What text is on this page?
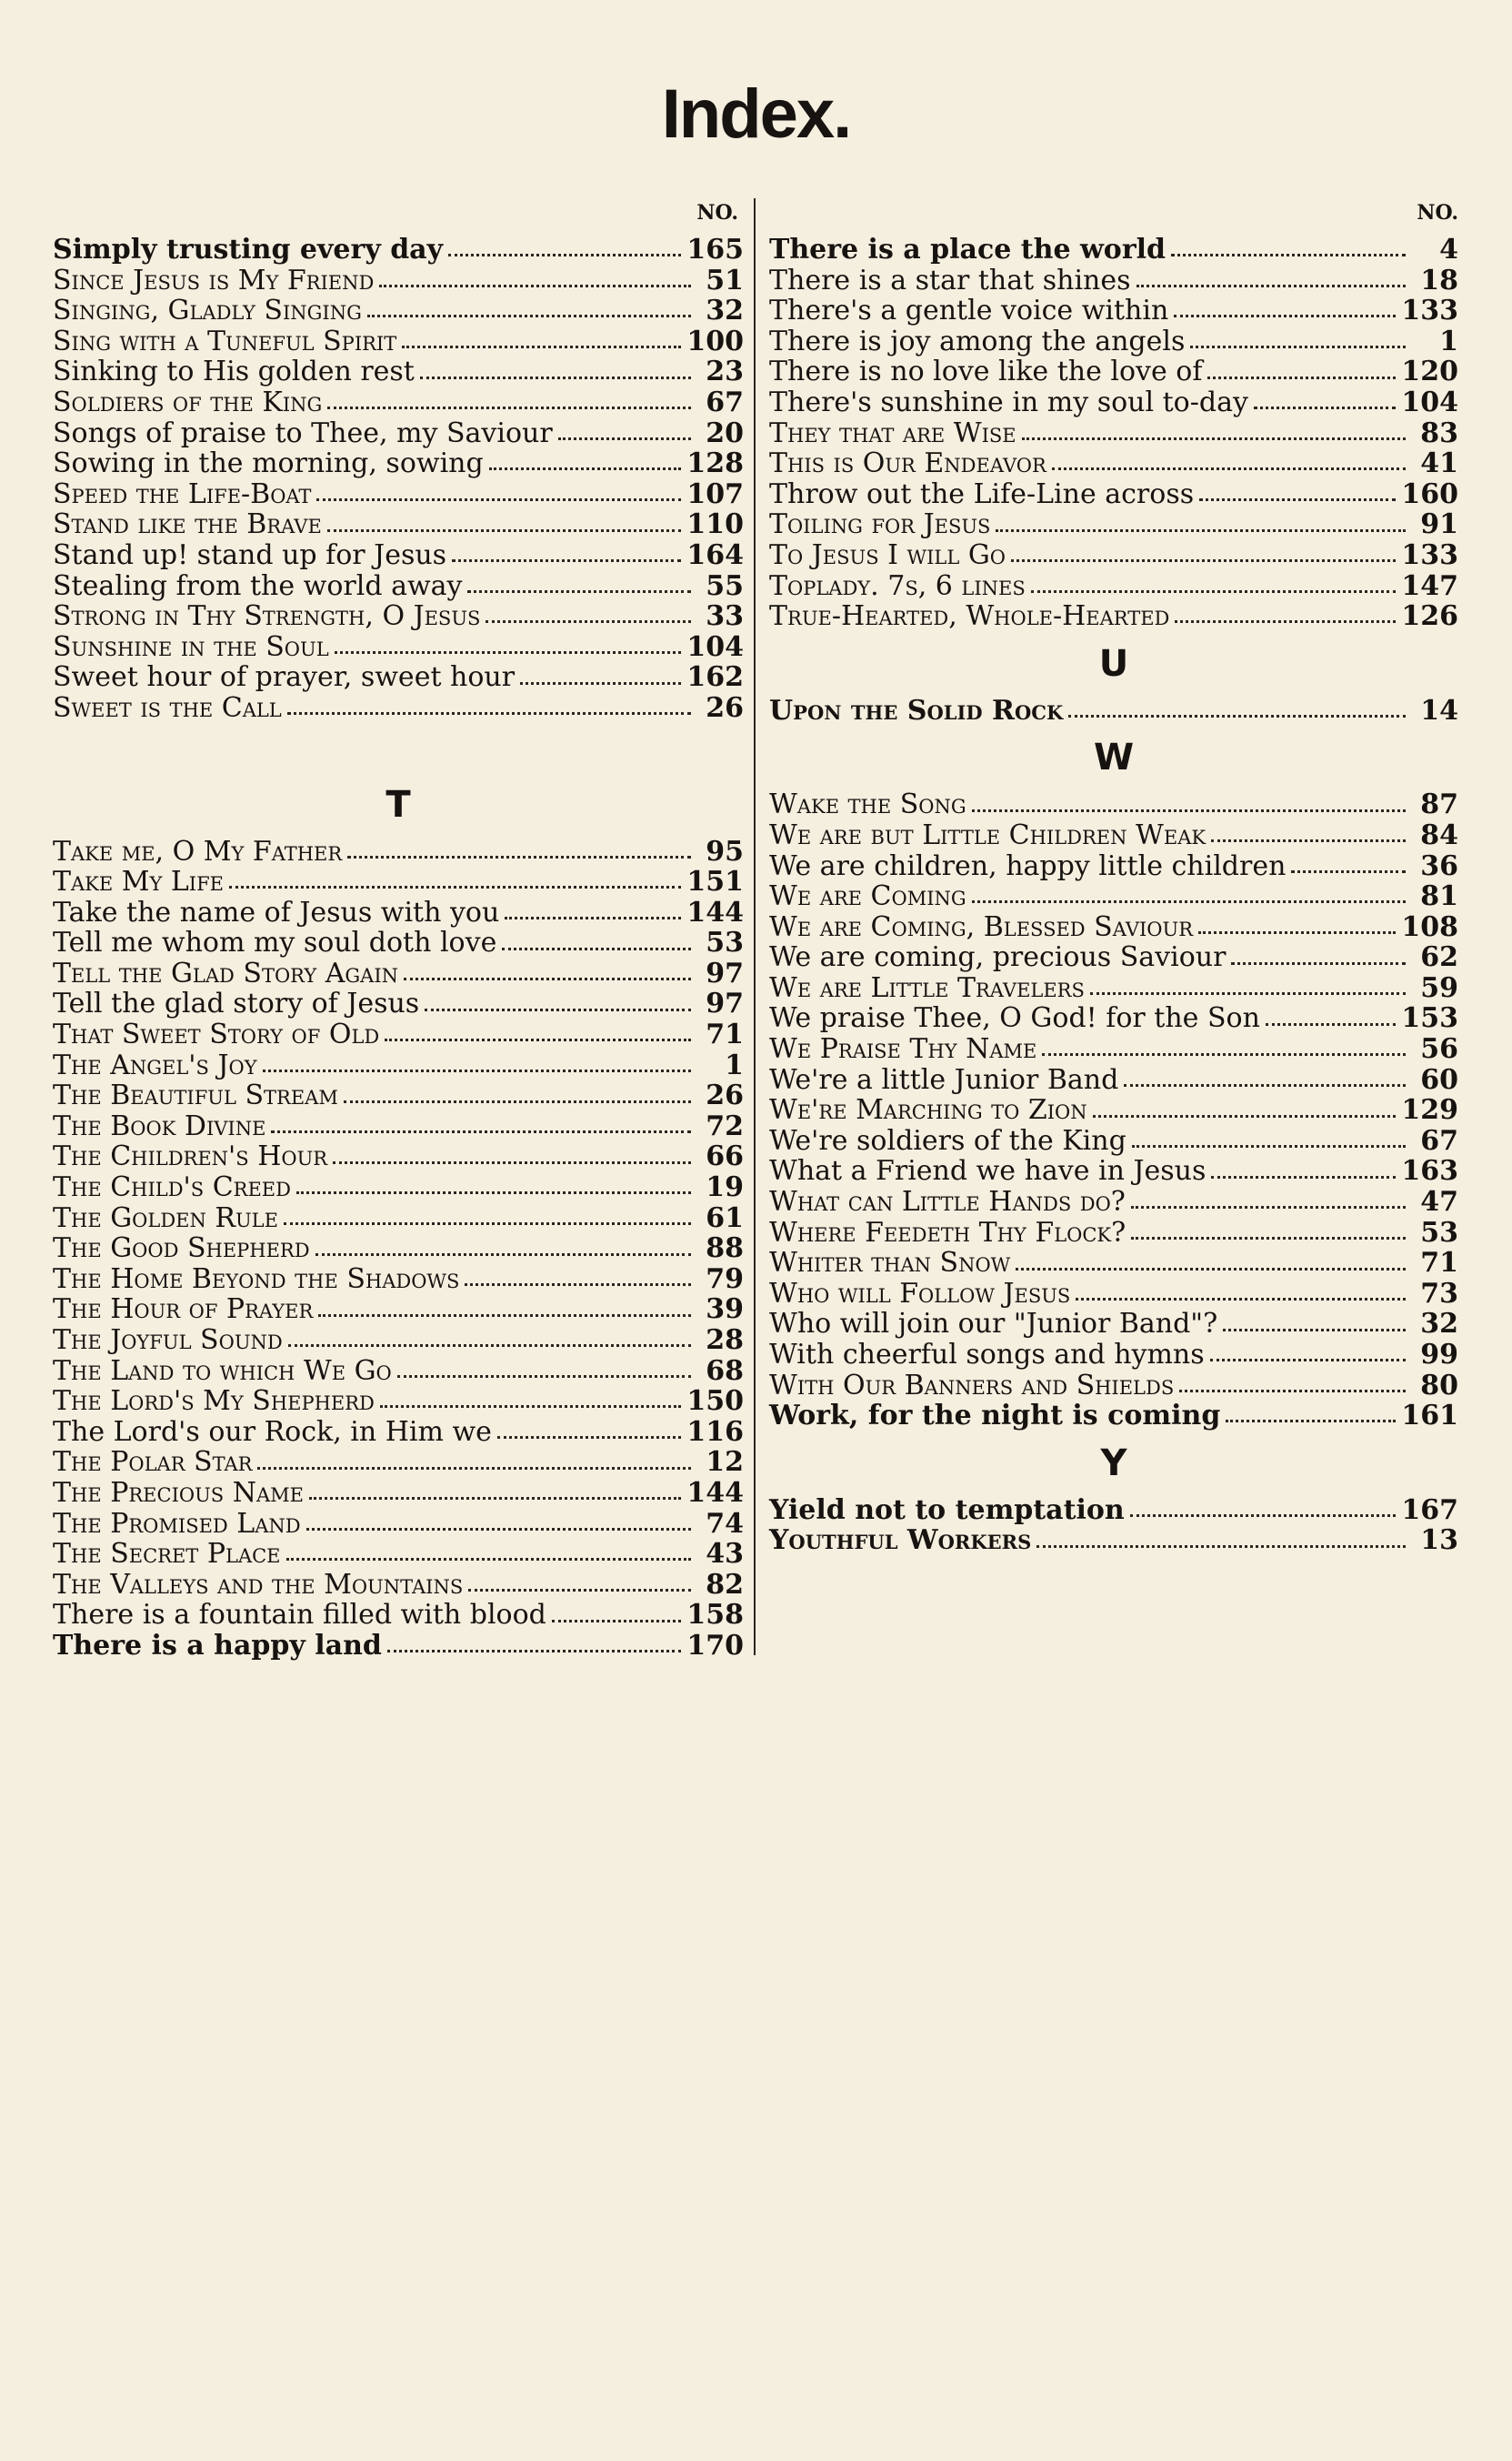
Index.
NO.
Simply trusting every day	165
Since Jesus is My Friend	51
Singing, Gladly Singing	32
Sing with a Tuneful Spirit	100
Sinking to His golden rest	23
Soldiers of the King	67
Songs of praise to Thee, my Saviour	20
Sowing in the morning, sowing	128
Speed the Life-Boat	107
Stand like the Brave	110
Stand up! stand up for Jesus	164
Stealing from the world away	55
Strong in Thy Strength, O Jesus	33
Sunshine in the Soul	104
Sweet hour of prayer, sweet hour	162
Sweet is the Call	26
T
Take me, O My Father	95
Take My Life	151
Take the name of Jesus with you	144
Tell me whom my soul doth love	53
Tell the Glad Story Again	97
Tell the glad story of Jesus	97
That Sweet Story of Old	71
The Angel's Joy	1
The Beautiful Stream	26
The Book Divine	72
The Children's Hour	66
The Child's Creed	19
The Golden Rule	61
The Good Shepherd	88
The Home Beyond the Shadows	79
The Hour of Prayer	39
The Joyful Sound	28
The Land to which We Go	68
The Lord's My Shepherd	150
The Lord's our Rock, in Him we	116
The Polar Star	12
The Precious Name	144
The Promised Land	74
The Secret Place	43
The Valleys and the Mountains	82
There is a fountain filled with blood	158
There is a happy land	170
NO.
There is a place the world	4
There is a star that shines	18
There's a gentle voice within	133
There is joy among the angels	1
There is no love like the love of	120
There's sunshine in my soul to-day	104
They that are Wise	83
This is Our Endeavor	41
Throw out the Life-Line across	160
Toiling for Jesus	91
To Jesus I will Go	133
Toplady. 7s, 6 lines	147
True-Hearted, Whole-Hearted	126
U
Upon the Solid Rock	14
W
Wake the Song	87
We are but Little Children Weak	84
We are children, happy little children	36
We are Coming	81
We are Coming, Blessed Saviour	108
We are coming, precious Saviour	62
We are Little Travelers	59
We praise Thee, O God! for the Son	153
We Praise Thy Name	56
We're a little Junior Band	60
We're Marching to Zion	129
We're soldiers of the King	67
What a Friend we have in Jesus	163
What can Little Hands do?	47
Where Feedeth Thy Flock?	53
Whiter than Snow	71
Who will Follow Jesus	73
Who will join our "Junior Band"?	32
With cheerful songs and hymns	99
With Our Banners and Shields	80
Work, for the night is coming	161
Y
Yield not to temptation	167
Youthful Workers	13
